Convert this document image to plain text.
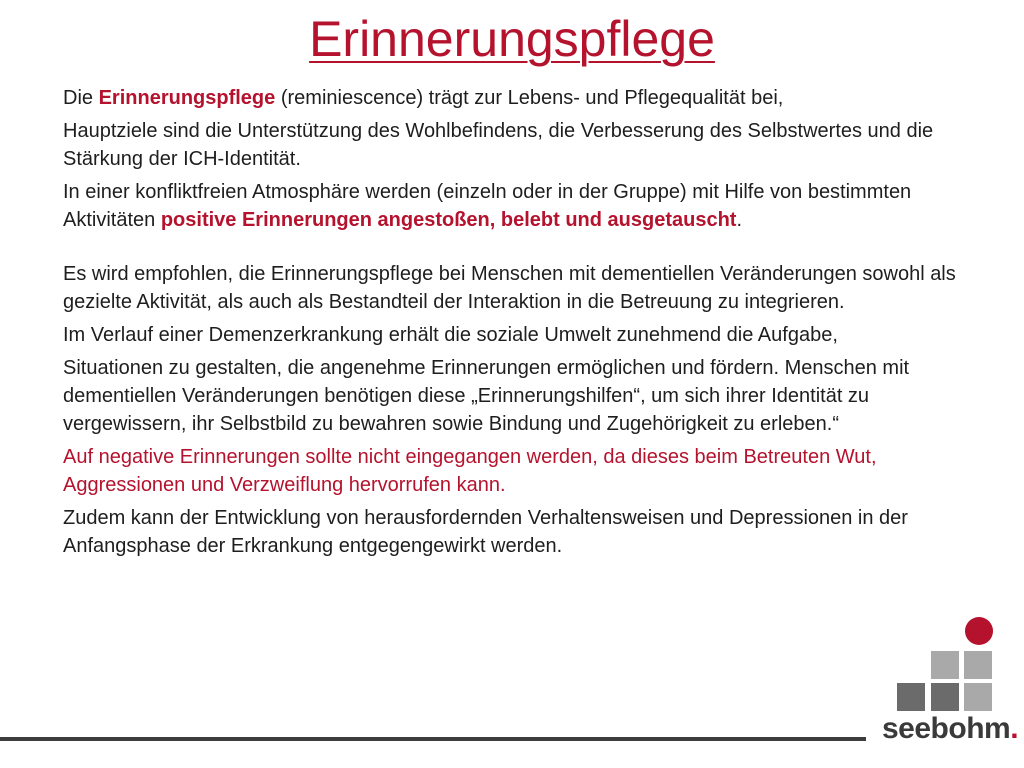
Erinnerungspflege

Die Erinnerungspflege (reminiescence) trägt zur Lebens- und Pflegequalität bei,

Hauptziele sind die Unterstützung des Wohlbefindens, die Verbesserung des Selbstwertes und die Stärkung der ICH-Identität.

In einer konfliktfreien Atmosphäre werden (einzeln oder in der Gruppe) mit Hilfe von bestimmten Aktivitäten positive Erinnerungen angestoßen, belebt und ausgetauscht.

Es wird empfohlen, die Erinnerungspflege bei Menschen mit dementiellen Veränderungen sowohl als gezielte Aktivität, als auch als Bestandteil der Interaktion in die Betreuung zu integrieren.

Im Verlauf einer Demenzerkrankung erhält die soziale Umwelt zunehmend die Aufgabe,

Situationen zu gestalten, die angenehme Erinnerungen ermöglichen und fördern. Menschen mit dementiellen Veränderungen benötigen diese „Erinnerungshilfen“, um sich ihrer Identität zu vergewissern, ihr Selbstbild zu bewahren sowie Bindung und Zugehörigkeit zu erleben.“

Auf negative Erinnerungen sollte nicht eingegangen werden, da dieses beim Betreuten Wut, Aggressionen und Verzweiflung hervorrufen kann.

Zudem kann der Entwicklung von herausfordernden Verhaltensweisen und Depressionen in der Anfangsphase der Erkrankung entgegengewirkt werden.

seebohm.
